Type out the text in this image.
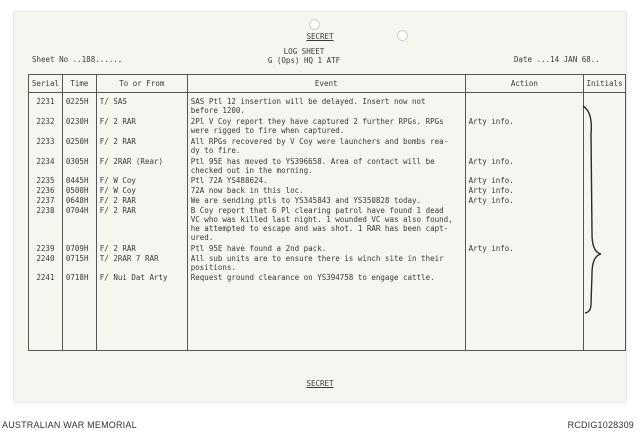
SECRET
Sheet No ..188......
LOG SHEET
G (Ops) HQ 1 ATF	Date ...14 JAN 68..
Serial	Time	To or From	Event	Action	Initials
2231	0225H	T/ SAS	SAS Ptl 12 insertion will be delayed. Insert now not
before 1200.		

2232	0230H	F/ 2 RAR	2Pl V Coy report they have captured 2 further RPGs. RPGs
were rigged to fire when captured.	Arty info.	
2233	0250H	F/ 2 RAR	All RPGs recovered by V Coy were launchers and bombs rea-
dy to fire.		

2234	0305H	F/ 2RAR (Rear)	Ptl 95E has moved to YS396658. Area of contact will be
checked out in the morning.	Arty info.	
2235	0445H	F/ W Coy	Ptl 72A YS488624.	Arty info.	
2236	0500H	F/ W Coy	72A now back in this loc.	Arty info.	
2237	0648H	F/ 2 RAR	We are sending ptls to YS345843 and YS350828 today.	Arty info.	
2238	0704H	F/ 2 RAR	B Coy report that 6 Pl clearing patrol have found 1 dead
VC who was killed last night. 1 wounded VC was also found,
he attempted to escape and was shot. 1 RAR has been capt-
ured.		

2239	0709H	F/ 2 RAR	Ptl 95E have found a 2nd pack.	Arty info.	
2240	0715H	T/ 2RAR 7 RAR	All sub units are to ensure there is winch site in their
positions.		

2241	0718H	F/ Nui Dat Arty	Request ground clearance on YS394758 to engage cattle.		

SECRET
AUSTRALIAN WAR MEMORIAL	RCDIG1028309
